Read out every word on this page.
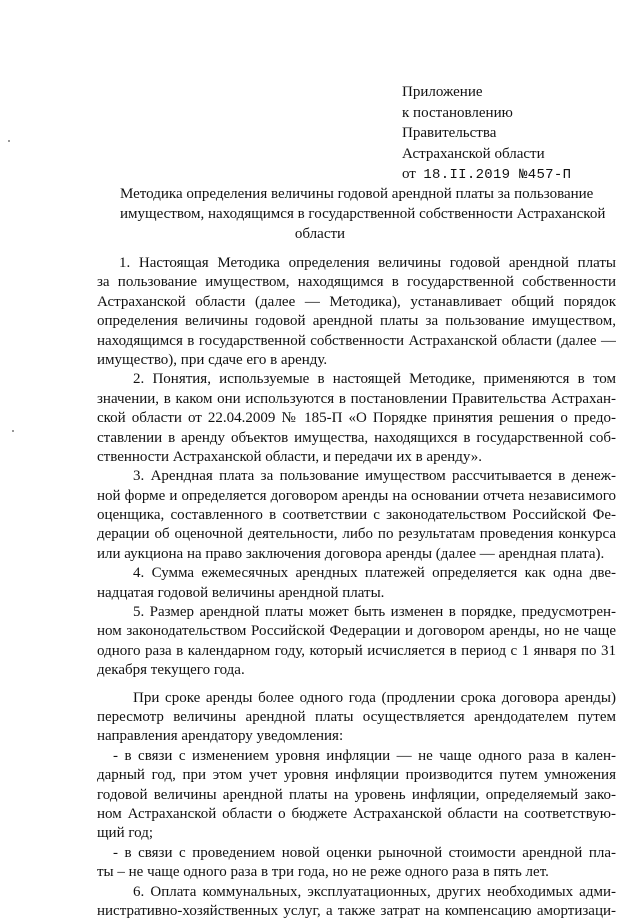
Приложение
к постановлению
Правительства
Астраханской области
от 18.II.2019 №457-П
Методика определения величины годовой арендной платы за пользование
имуществом, находящимся в государственной собственности Астраханской
области
1. Настоящая Методика определения величины годовой арендной платы
за пользование имуществом, находящимся в государственной собственности
Астраханской области (далее — Методика), устанавливает общий порядок
определения величины годовой арендной платы за пользование имуществом,
находящимся в государственной собственности Астраханской области (далее —
имущество), при сдаче его в аренду.
2. Понятия, используемые в настоящей Методике, применяются в том
значении, в каком они используются в постановлении Правительства Астрахан-
ской области от 22.04.2009 № 185-П «О Порядке принятия решения о предо-
ставлении в аренду объектов имущества, находящихся в государственной соб-
ственности Астраханской области, и передачи их в аренду».
3. Арендная плата за пользование имуществом рассчитывается в денеж-
ной форме и определяется договором аренды на основании отчета независимого
оценщика, составленного в соответствии с законодательством Российской Фе-
дерации об оценочной деятельности, либо по результатам проведения конкурса
или аукциона на право заключения договора аренды (далее — арендная плата).
4. Сумма ежемесячных арендных платежей определяется как одна две-
надцатая годовой величины арендной платы.
5. Размер арендной платы может быть изменен в порядке, предусмотрен-
ном законодательством Российской Федерации и договором аренды, но не чаще
одного раза в календарном году, который исчисляется в период с 1 января по 31
декабря текущего года.
При сроке аренды более одного года (продлении срока договора аренды)
пересмотр величины арендной платы осуществляется арендодателем путем
направления арендатору уведомления:
- в связи с изменением уровня инфляции — не чаще одного раза в кален-
дарный год, при этом учет уровня инфляции производится путем умножения
годовой величины арендной платы на уровень инфляции, определяемый зако-
ном Астраханской области о бюджете Астраханской области на соответствую-
щий год;
- в связи с проведением новой оценки рыночной стоимости арендной пла-
ты – не чаще одного раза в три года, но не реже одного раза в пять лет.
6. Оплата коммунальных, эксплуатационных, других необходимых адми-
нистративно-хозяйственных услуг, а также затрат на компенсацию амортизаци-
